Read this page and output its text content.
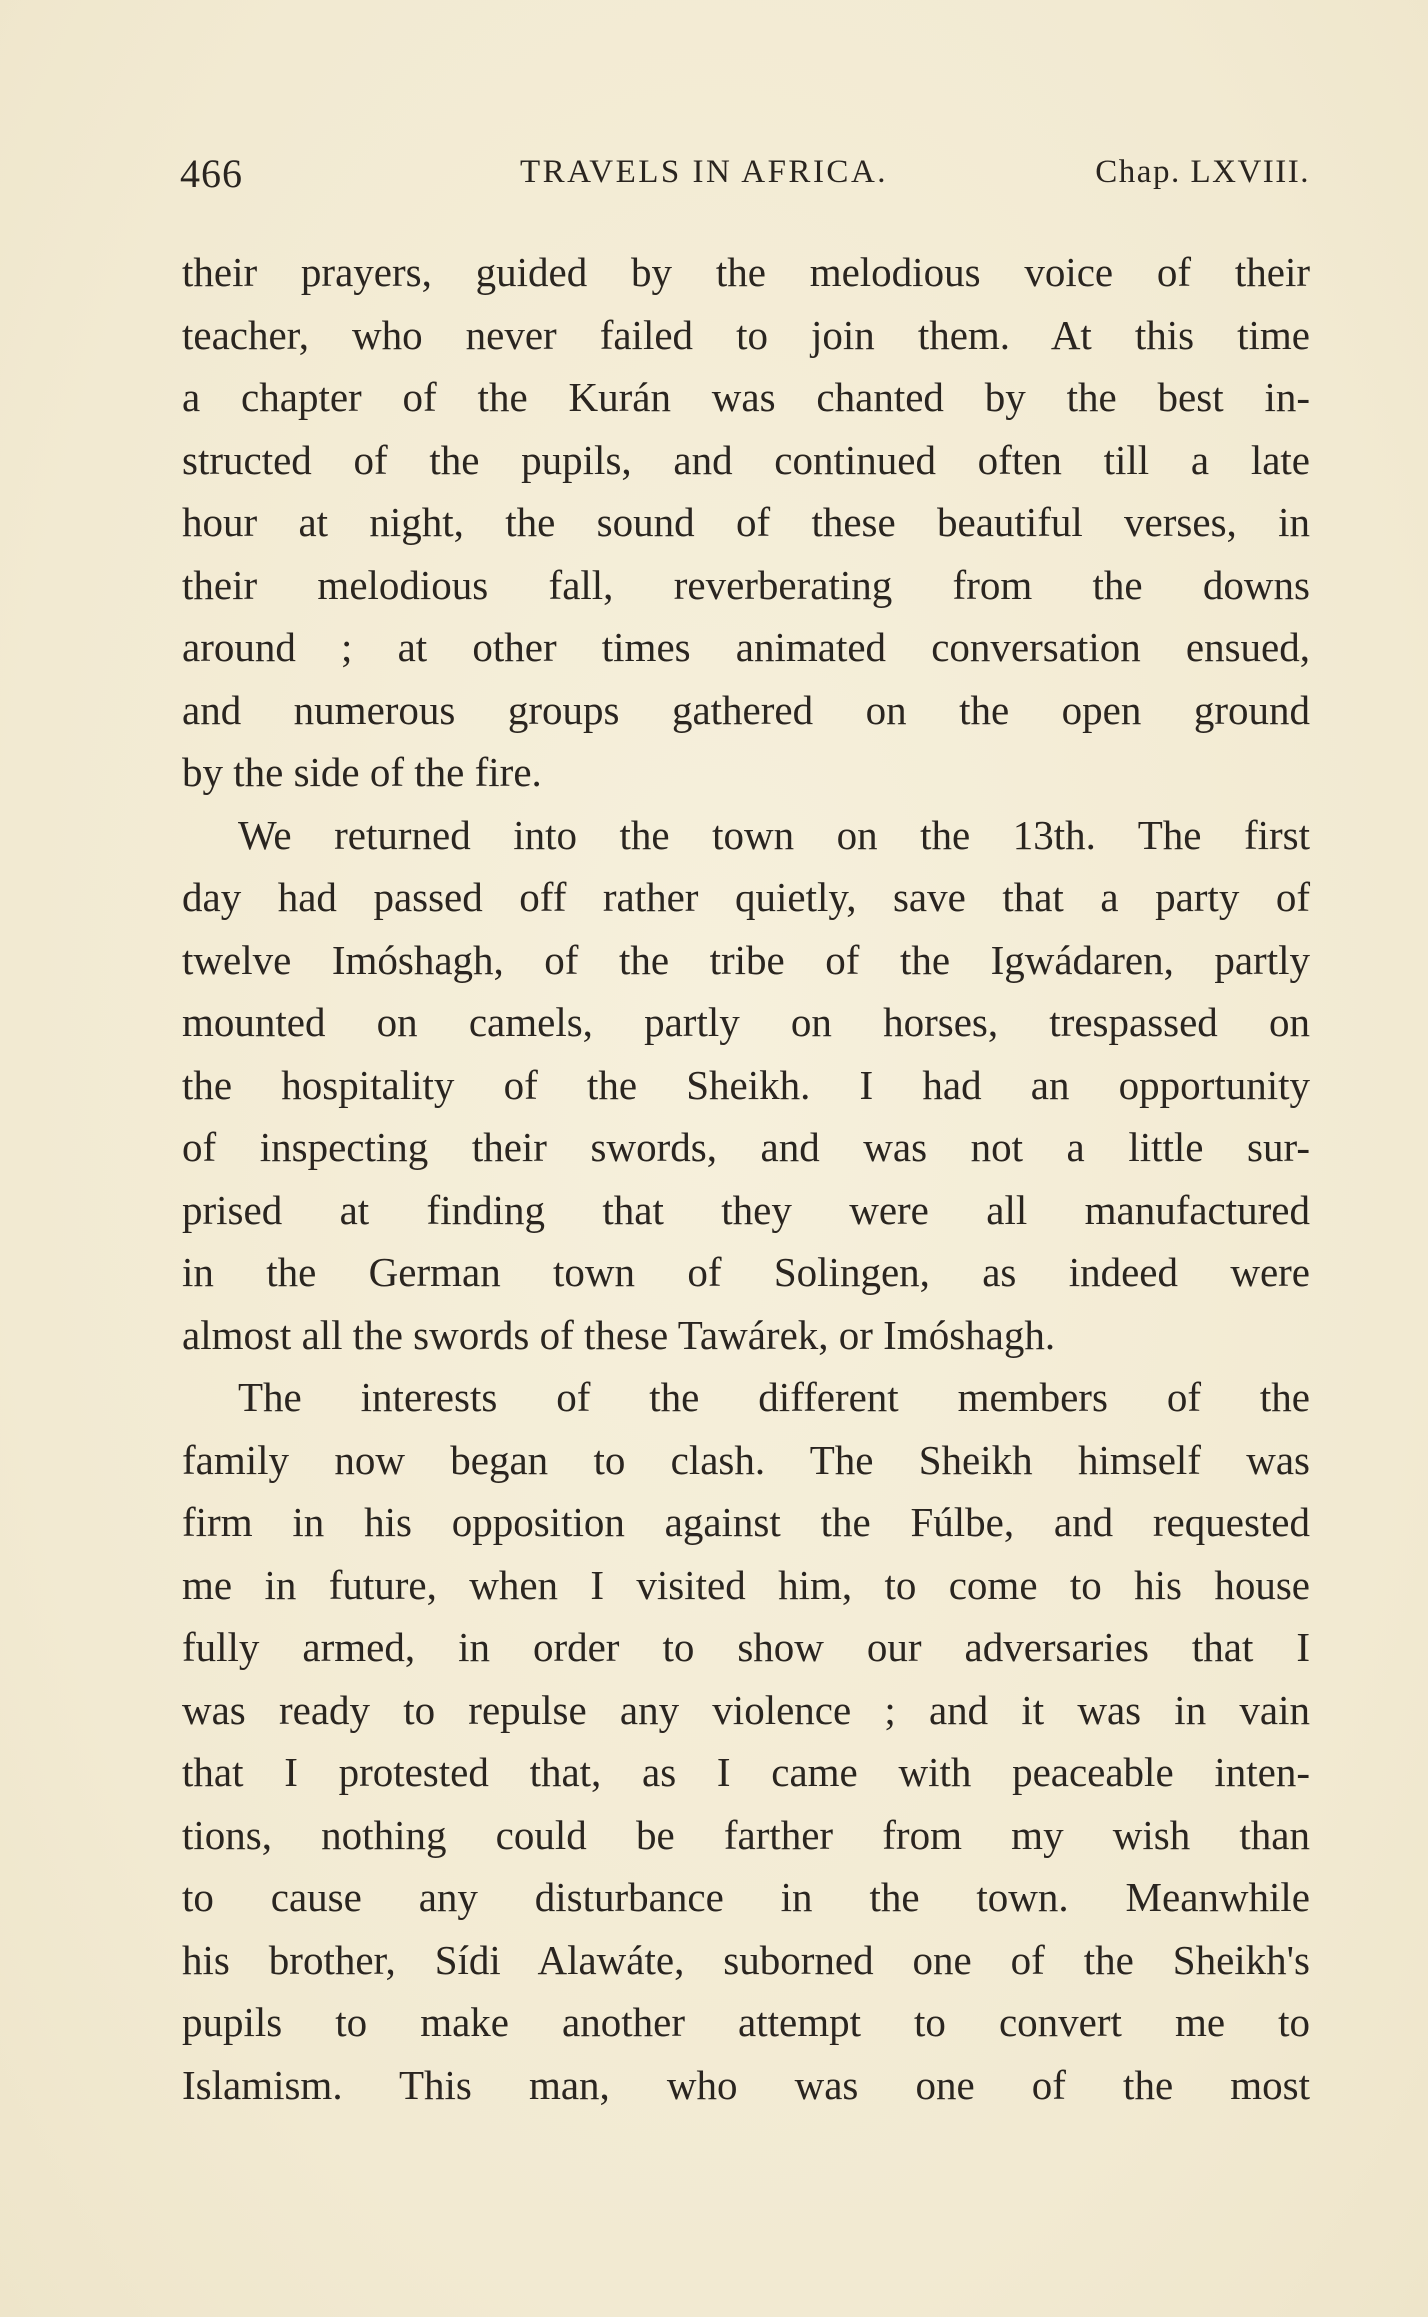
466	TRAVELS IN AFRICA.	Chap. LXVIII.
their prayers, guided by the melodious voice of their
teacher, who never failed to join them. At this time
a chapter of the Kurán was chanted by the best in-
structed of the pupils, and continued often till a late
hour at night, the sound of these beautiful verses, in
their melodious fall, reverberating from the downs
around ; at other times animated conversation ensued,
and numerous groups gathered on the open ground
by the side of the fire.
We returned into the town on the 13th. The first
day had passed off rather quietly, save that a party of
twelve Imóshagh, of the tribe of the Igwádaren, partly
mounted on camels, partly on horses, trespassed on
the hospitality of the Sheikh. I had an opportunity
of inspecting their swords, and was not a little sur-
prised at finding that they were all manufactured
in the German town of Solingen, as indeed were
almost all the swords of these Tawárek, or Imóshagh.
The interests of the different members of the
family now began to clash. The Sheikh himself was
firm in his opposition against the Fúlbe, and requested
me in future, when I visited him, to come to his house
fully armed, in order to show our adversaries that I
was ready to repulse any violence ; and it was in vain
that I protested that, as I came with peaceable inten-
tions, nothing could be farther from my wish than
to cause any disturbance in the town. Meanwhile
his brother, Sídi Alawáte, suborned one of the Sheikh's
pupils to make another attempt to convert me to
Islamism. This man, who was one of the most
